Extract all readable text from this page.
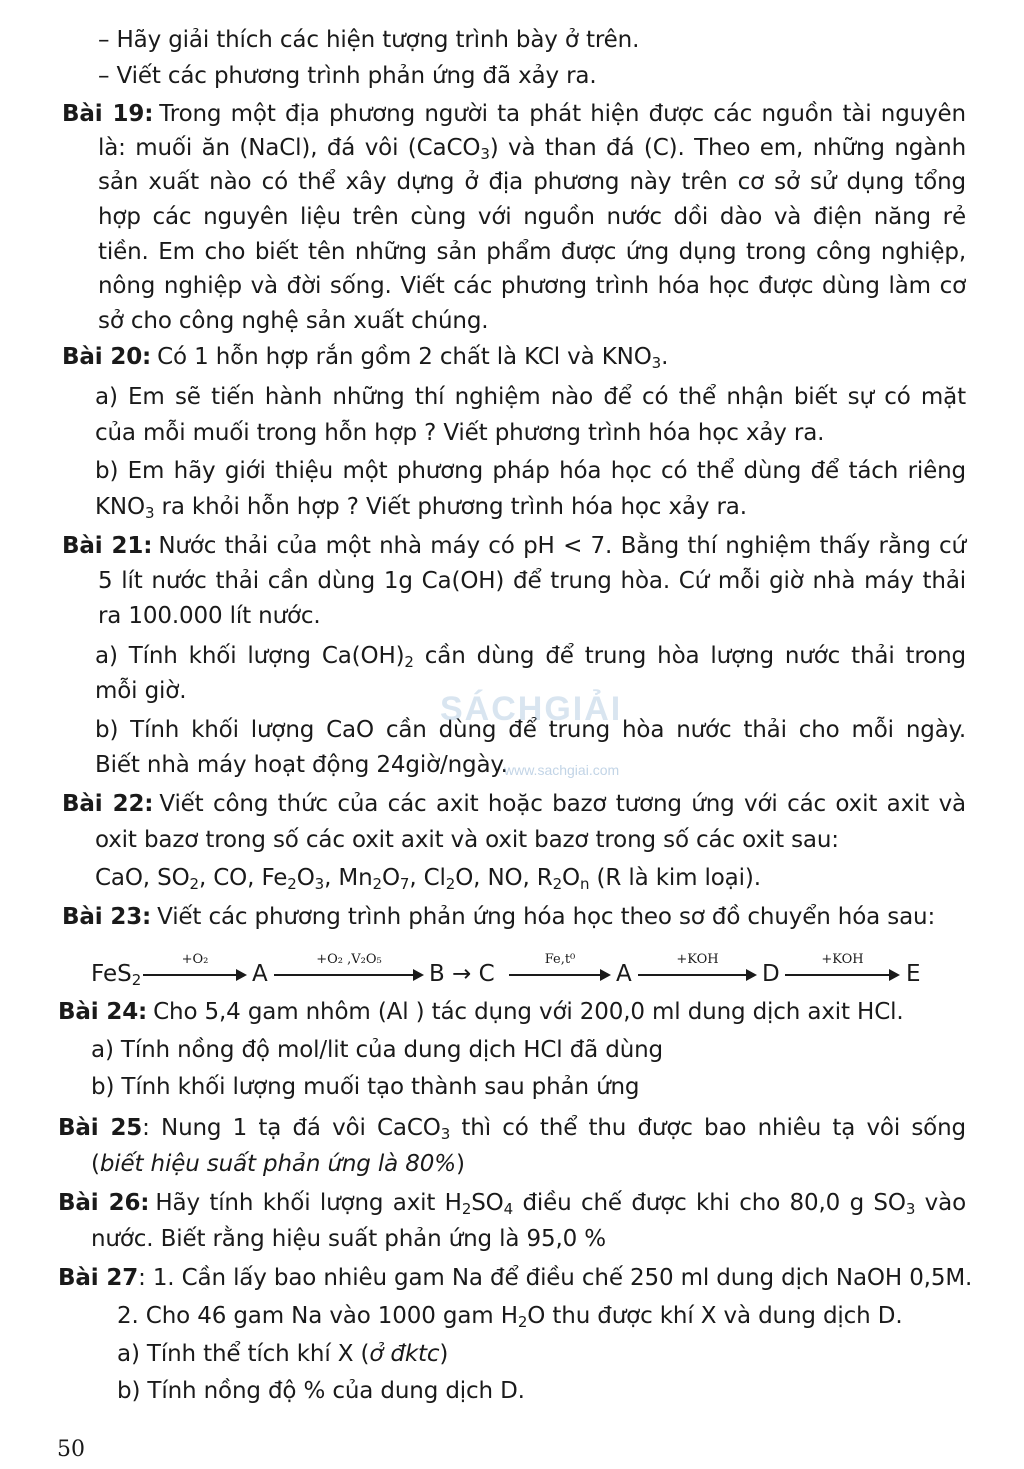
– Hãy giải thích các hiện tượng trình bày ở trên.
– Viết các phương trình phản ứng đã xảy ra.
Bài 19: Trong một địa phương người ta phát hiện được các nguồn tài nguyên
là: muối ăn (NaCl), đá vôi (CaCO$_3$) và than đá (C). Theo em, những ngành
sản xuất nào có thể xây dựng ở địa phương này trên cơ sở sử dụng tổng
hợp các nguyên liệu trên cùng với nguồn nước dồi dào và điện năng rẻ
tiền. Em cho biết tên những sản phẩm được ứng dụng trong công nghiệp,
nông nghiệp và đời sống. Viết các phương trình hóa học được dùng làm cơ
sở cho công nghệ sản xuất chúng.
Bài 20: Có 1 hỗn hợp rắn gồm 2 chất là KCl và $KNO_3$.
a) Em sẽ tiến hành những thí nghiệm nào để có thể nhận biết sự có mặt
của mỗi muối trong hỗn hợp ? Viết phương trình hóa học xảy ra.
b) Em hãy giới thiệu một phương pháp hóa học có thể dùng để tách riêng
$KNO_3$ ra khỏi hỗn hợp ? Viết phương trình hóa học xảy ra.
Bài 21: Nước thải của một nhà máy có pH < 7. Bằng thí nghiệm thấy rằng cứ
5 lít nước thải cần dùng 1g Ca(OH) để trung hòa. Cứ mỗi giờ nhà máy thải
ra 100.000 lít nước.
a) Tính khối lượng $Ca(OH)_2$ cần dùng để trung hòa lượng nước thải trong
mỗi giờ.
b) Tính khối lượng CaO cần dùng để trung hòa nước thải cho mỗi ngày.
Biết nhà máy hoạt động 24giờ/ngày.
Bài 22: Viết công thức của các axit hoặc bazơ tương ứng với các oxit axit và
oxit bazơ trong số các oxit axit và oxit bazơ trong số các oxit sau:
CaO, $SO_2$, CO, $Fe_2O_3$, $Mn_2O_7$, $Cl_2O$, NO, $R_2O_n$ (R là kim loại).
Bài 23: Viết các phương trình phản ứng hóa học theo sơ đồ chuyển hóa sau:
FeS$_2$
+O₂
A
+O₂ ,V₂O₅
B → C
Fe,t⁰
A
+KOH
D
+KOH
E
Bài 24: Cho 5,4 gam nhôm (Al ) tác dụng với 200,0 ml dung dịch axit HCl.
a) Tính nồng độ mol/lit của dung dịch HCl đã dùng
b) Tính khối lượng muối tạo thành sau phản ứng
Bài 25: Nung 1 tạ đá vôi CaCO$_3$ thì có thể thu được bao nhiêu tạ vôi sống
(biết hiệu suất phản ứng là 80%)
Bài 26: Hãy tính khối lượng axit $H_2SO_4$ điều chế được khi cho 80,0 g $SO_3$ vào
nước. Biết rằng hiệu suất phản ứng là 95,0 %
Bài 27: 1. Cần lấy bao nhiêu gam Na để điều chế 250 ml dung dịch NaOH 0,5M.
2. Cho 46 gam Na vào 1000 gam $H_2O$ thu được khí X và dung dịch D.
a) Tính thể tích khí X (ở đktc)
b) Tính nồng độ % của dung dịch D.
SÁCHGIẢI
www.sachgiai.com
50
